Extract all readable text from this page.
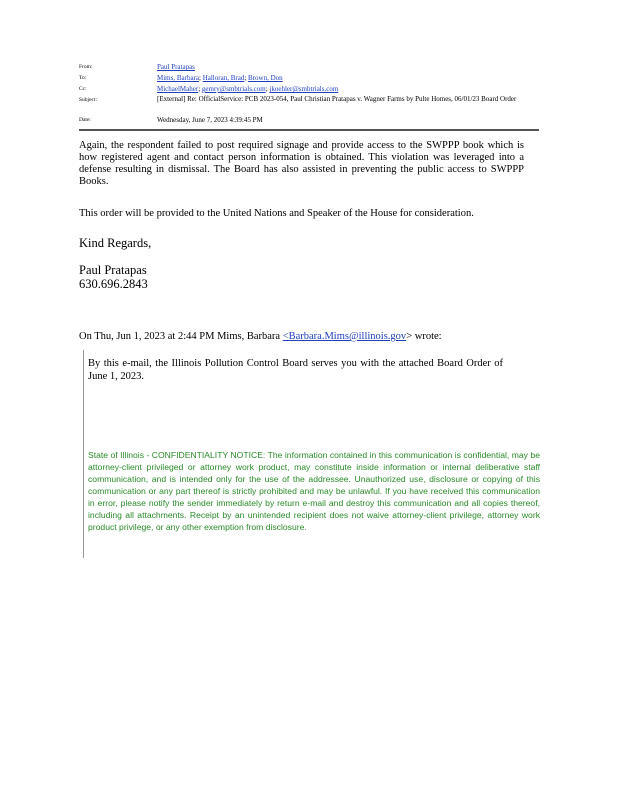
From:	Paul Pratapas
To:	Mims, Barbara; Halloran, Brad; Brown, Don
Cc:	MichaelMaher; gemry@smbtrials.com; jkoehler@smbtrials.com
Subject:	[External] Re: OfficialService: PCB 2023-054, Paul Christian Pratapas v. Wagner Farms by Pulte Homes, 06/01/23 Board Order
Date:	Wednesday, June 7, 2023 4:39:45 PM
Again, the respondent failed to post required signage and provide access to the SWPPP book which is how registered agent and contact person information is obtained. This violation was leveraged into a defense resulting in dismissal. The Board has also assisted in preventing the public access to SWPPP Books.
This order will be provided to the United Nations and Speaker of the House for consideration.
Kind Regards,
Paul Pratapas
630.696.2843
On Thu, Jun 1, 2023 at 2:44 PM Mims, Barbara <Barbara.Mims@illinois.gov> wrote:
By this e-mail, the Illinois Pollution Control Board serves you with the attached Board Order of June 1, 2023.
State of Illinois - CONFIDENTIALITY NOTICE: The information contained in this communication is confidential, may be attorney-client privileged or attorney work product, may constitute inside information or internal deliberative staff communication, and is intended only for the use of the addressee. Unauthorized use, disclosure or copying of this communication or any part thereof is strictly prohibited and may be unlawful. If you have received this communication in error, please notify the sender immediately by return e-mail and destroy this communication and all copies thereof, including all attachments. Receipt by an unintended recipient does not waive attorney-client privilege, attorney work product privilege, or any other exemption from disclosure.
